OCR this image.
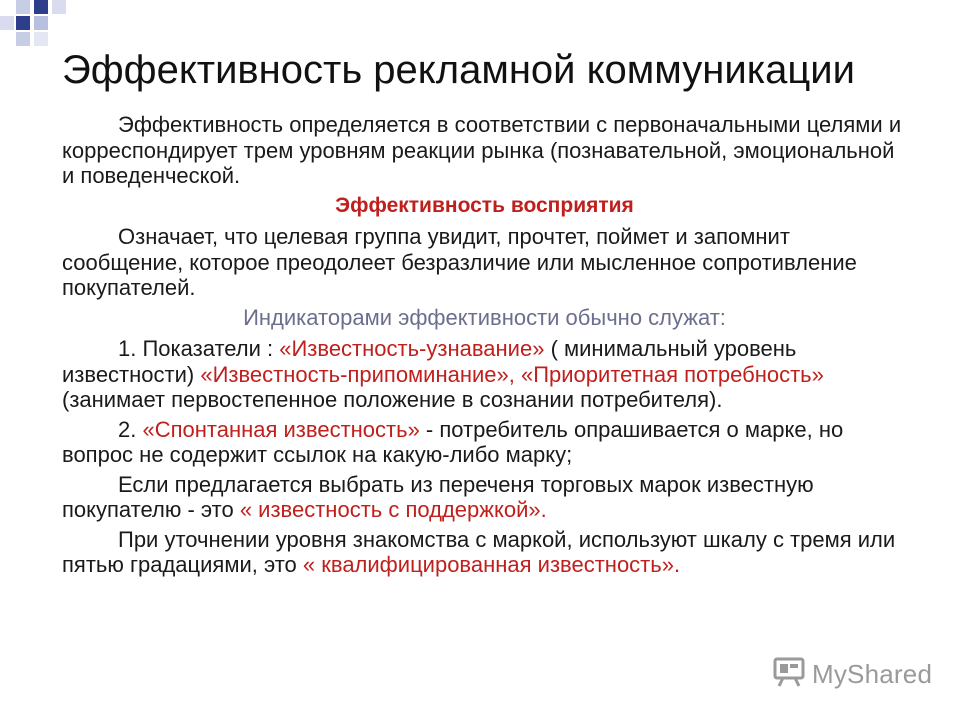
Эффективность рекламной коммуникации

Эффективность определяется в соответствии с первоначальными целями и корреспондирует трем уровням реакции рынка (познавательной, эмоциональной и поведенческой.

Эффективность восприятия

Означает, что целевая группа увидит, прочтет, поймет и запомнит сообщение, которое преодолеет безразличие или мысленное сопротивление покупателей.

Индикаторами эффективности обычно служат:

1. Показатели : «Известность-узнавание» ( минимальный уровень известности) «Известность-припоминание», «Приоритетная потребность» (занимает первостепенное положение в сознании потребителя).

2. «Спонтанная известность» - потребитель опрашивается о марке, но вопрос не содержит ссылок на какую-либо марку;

Если предлагается выбрать из переченя торговых марок известную покупателю - это « известность с поддержкой».

При уточнении уровня знакомства с маркой, используют шкалу с тремя или пятью градациями, это « квалифицированная известность».

MyShared
